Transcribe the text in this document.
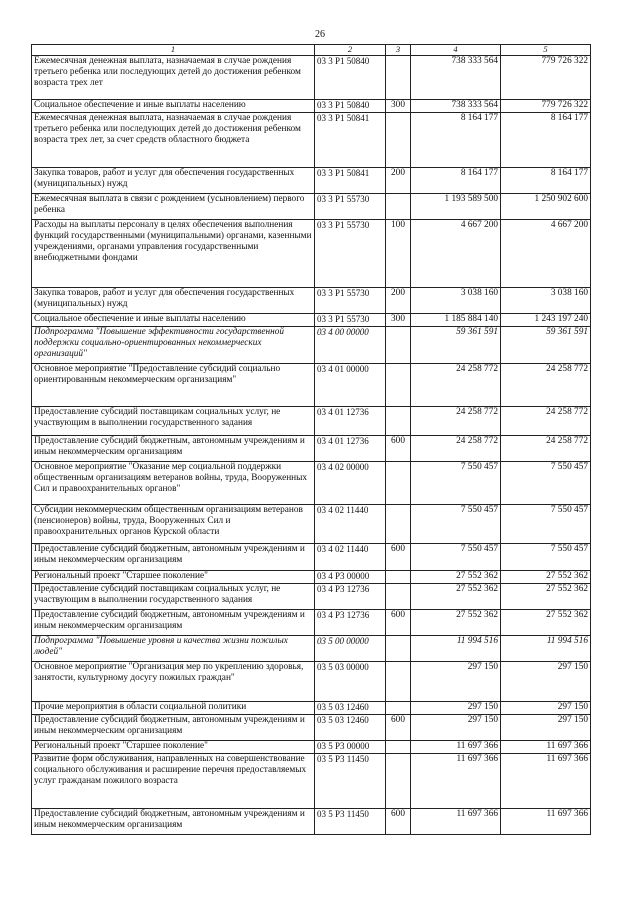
26
1	2	3	4	5
Ежемесячная денежная выплата, назначаемая в случае рождения третьего ребенка или последующих детей до достижения ребенком возраста трех лет	03 3 P1 50840		738 333 564	779 726 322
Социальное обеспечение и иные выплаты населению	03 3 P1 50840	300	738 333 564	779 726 322
Ежемесячная денежная выплата, назначаемая в случае рождения третьего ребенка или последующих детей до достижения ребенком возраста трех лет, за счет средств областного бюджета	03 3 P1 50841		8 164 177	8 164 177
Закупка товаров, работ и услуг для обеспечения государственных (муниципальных) нужд	03 3 P1 50841	200	8 164 177	8 164 177
Ежемесячная выплата в связи с рождением (усыновлением) первого ребенка	03 3 P1 55730		1 193 589 500	1 250 902 600
Расходы на выплаты персоналу в целях обеспечения выполнения функций государственными (муниципальными) органами, казенными учреждениями, органами управления государственными внебюджетными фондами	03 3 P1 55730	100	4 667 200	4 667 200
Закупка товаров, работ и услуг для обеспечения государственных (муниципальных) нужд	03 3 P1 55730	200	3 038 160	3 038 160
Социальное обеспечение и иные выплаты населению	03 3 P1 55730	300	1 185 884 140	1 243 197 240
Подпрограмма "Повышение эффективности государственной поддержки социально-ориентированных некоммерческих организаций"	03 4 00 00000		59 361 591	59 361 591
Основное мероприятие "Предоставление субсидий социально ориентированным некоммерческим организациям"	03 4 01 00000		24 258 772	24 258 772
Предоставление субсидий поставщикам социальных услуг, не участвующим в выполнении государственного задания	03 4 01 12736		24 258 772	24 258 772
Предоставление субсидий бюджетным, автономным учреждениям и иным некоммерческим организациям	03 4 01 12736	600	24 258 772	24 258 772
Основное мероприятие "Оказание мер социальной поддержки общественным организациям ветеранов войны, труда, Вооруженных Сил и правоохранительных органов"	03 4 02 00000		7 550 457	7 550 457
Субсидии некоммерческим общественным организациям ветеранов (пенсионеров) войны, труда, Вооруженных Сил и правоохранительных органов Курской области	03 4 02 11440		7 550 457	7 550 457
Предоставление субсидий бюджетным, автономным учреждениям и иным некоммерческим организациям	03 4 02 11440	600	7 550 457	7 550 457
Региональный проект "Старшее поколение"	03 4 P3 00000		27 552 362	27 552 362
Предоставление субсидий поставщикам социальных услуг, не участвующим в выполнении государственного задания	03 4 P3 12736		27 552 362	27 552 362
Предоставление субсидий бюджетным, автономным учреждениям и иным некоммерческим организациям	03 4 P3 12736	600	27 552 362	27 552 362
Подпрограмма "Повышение уровня и качества жизни пожилых людей"	03 5 00 00000		11 994 516	11 994 516
Основное мероприятие "Организация мер по укреплению здоровья, занятости, культурному досугу пожилых граждан"	03 5 03 00000		297 150	297 150
Прочие мероприятия в области социальной политики	03 5 03 12460		297 150	297 150
Предоставление субсидий бюджетным, автономным учреждениям и иным некоммерческим организациям	03 5 03 12460	600	297 150	297 150
Региональный проект "Старшее поколение"	03 5 P3 00000		11 697 366	11 697 366
Развитие форм обслуживания, направленных на совершенствование социального обслуживания и расширение перечня предоставляемых услуг гражданам пожилого возраста	03 5 P3 11450		11 697 366	11 697 366
Предоставление субсидий бюджетным, автономным учреждениям и иным некоммерческим организациям	03 5 P3 11450	600	11 697 366	11 697 366
